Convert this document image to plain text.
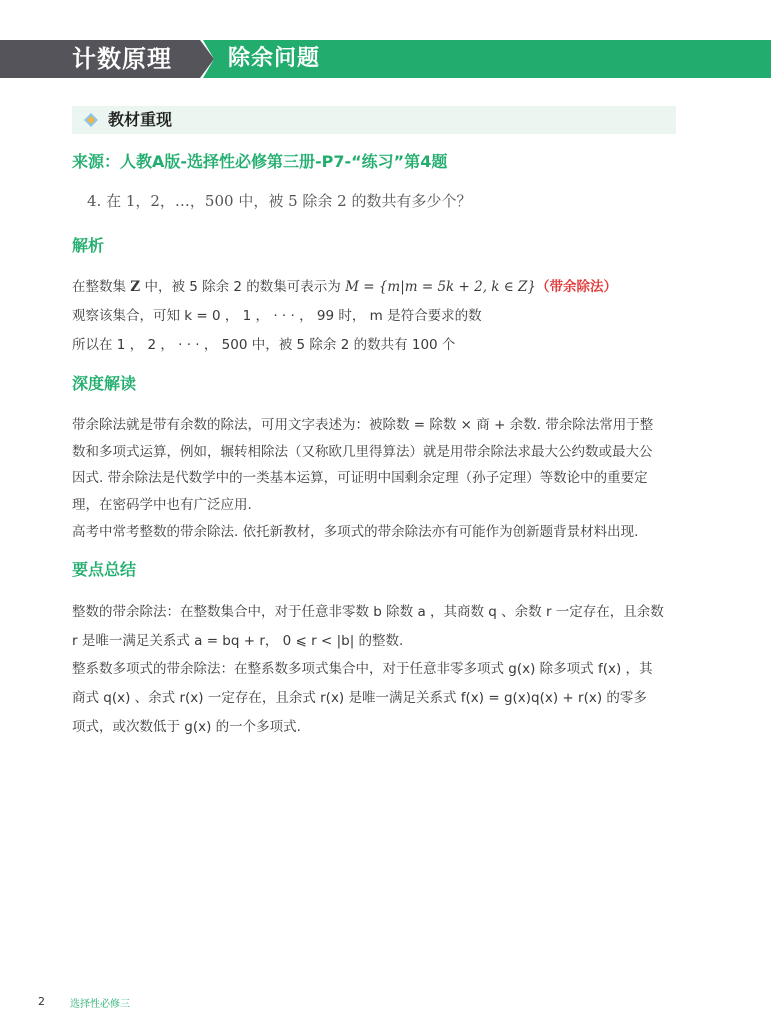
计数原理	除余问题
教材重现
来源：人教A版-选择性必修第三册-P7-“练习”第4题
4. 在 1，2，…，500 中，被 5 除余 2 的数共有多少个？
解析
在整数集 Z 中，被 5 除余 2 的数集可表示为 M = {m|m = 5k + 2, k ∈ Z}（带余除法）
观察该集合，可知 k = 0 ， 1 ， · · · ， 99 时， m 是符合要求的数
所以在 1 ， 2 ， · · · ， 500 中，被 5 除余 2 的数共有 100 个
深度解读
带余除法就是带有余数的除法，可用文字表述为：被除数 = 除数 × 商 + 余数. 带余除法常用于整
数和多项式运算，例如，辗转相除法（又称欧几里得算法）就是用带余除法求最大公约数或最大公
因式. 带余除法是代数学中的一类基本运算，可证明中国剩余定理（孙子定理）等数论中的重要定
理，在密码学中也有广泛应用.
高考中常考整数的带余除法. 依托新教材，多项式的带余除法亦有可能作为创新题背景材料出现.
要点总结
整数的带余除法：在整数集合中，对于任意非零数 b 除数 a ，其商数 q 、余数 r 一定存在，且余数
r 是唯一满足关系式 a = bq + r， 0 ⩽ r < |b| 的整数.
整系数多项式的带余除法：在整系数多项式集合中，对于任意非零多项式 g(x) 除多项式 f(x) ，其
商式 q(x) 、余式 r(x) 一定存在，且余式 r(x) 是唯一满足关系式 f(x) = g(x)q(x) + r(x) 的零多
项式，或次数低于 g(x) 的一个多项式.
2	选择性必修三
